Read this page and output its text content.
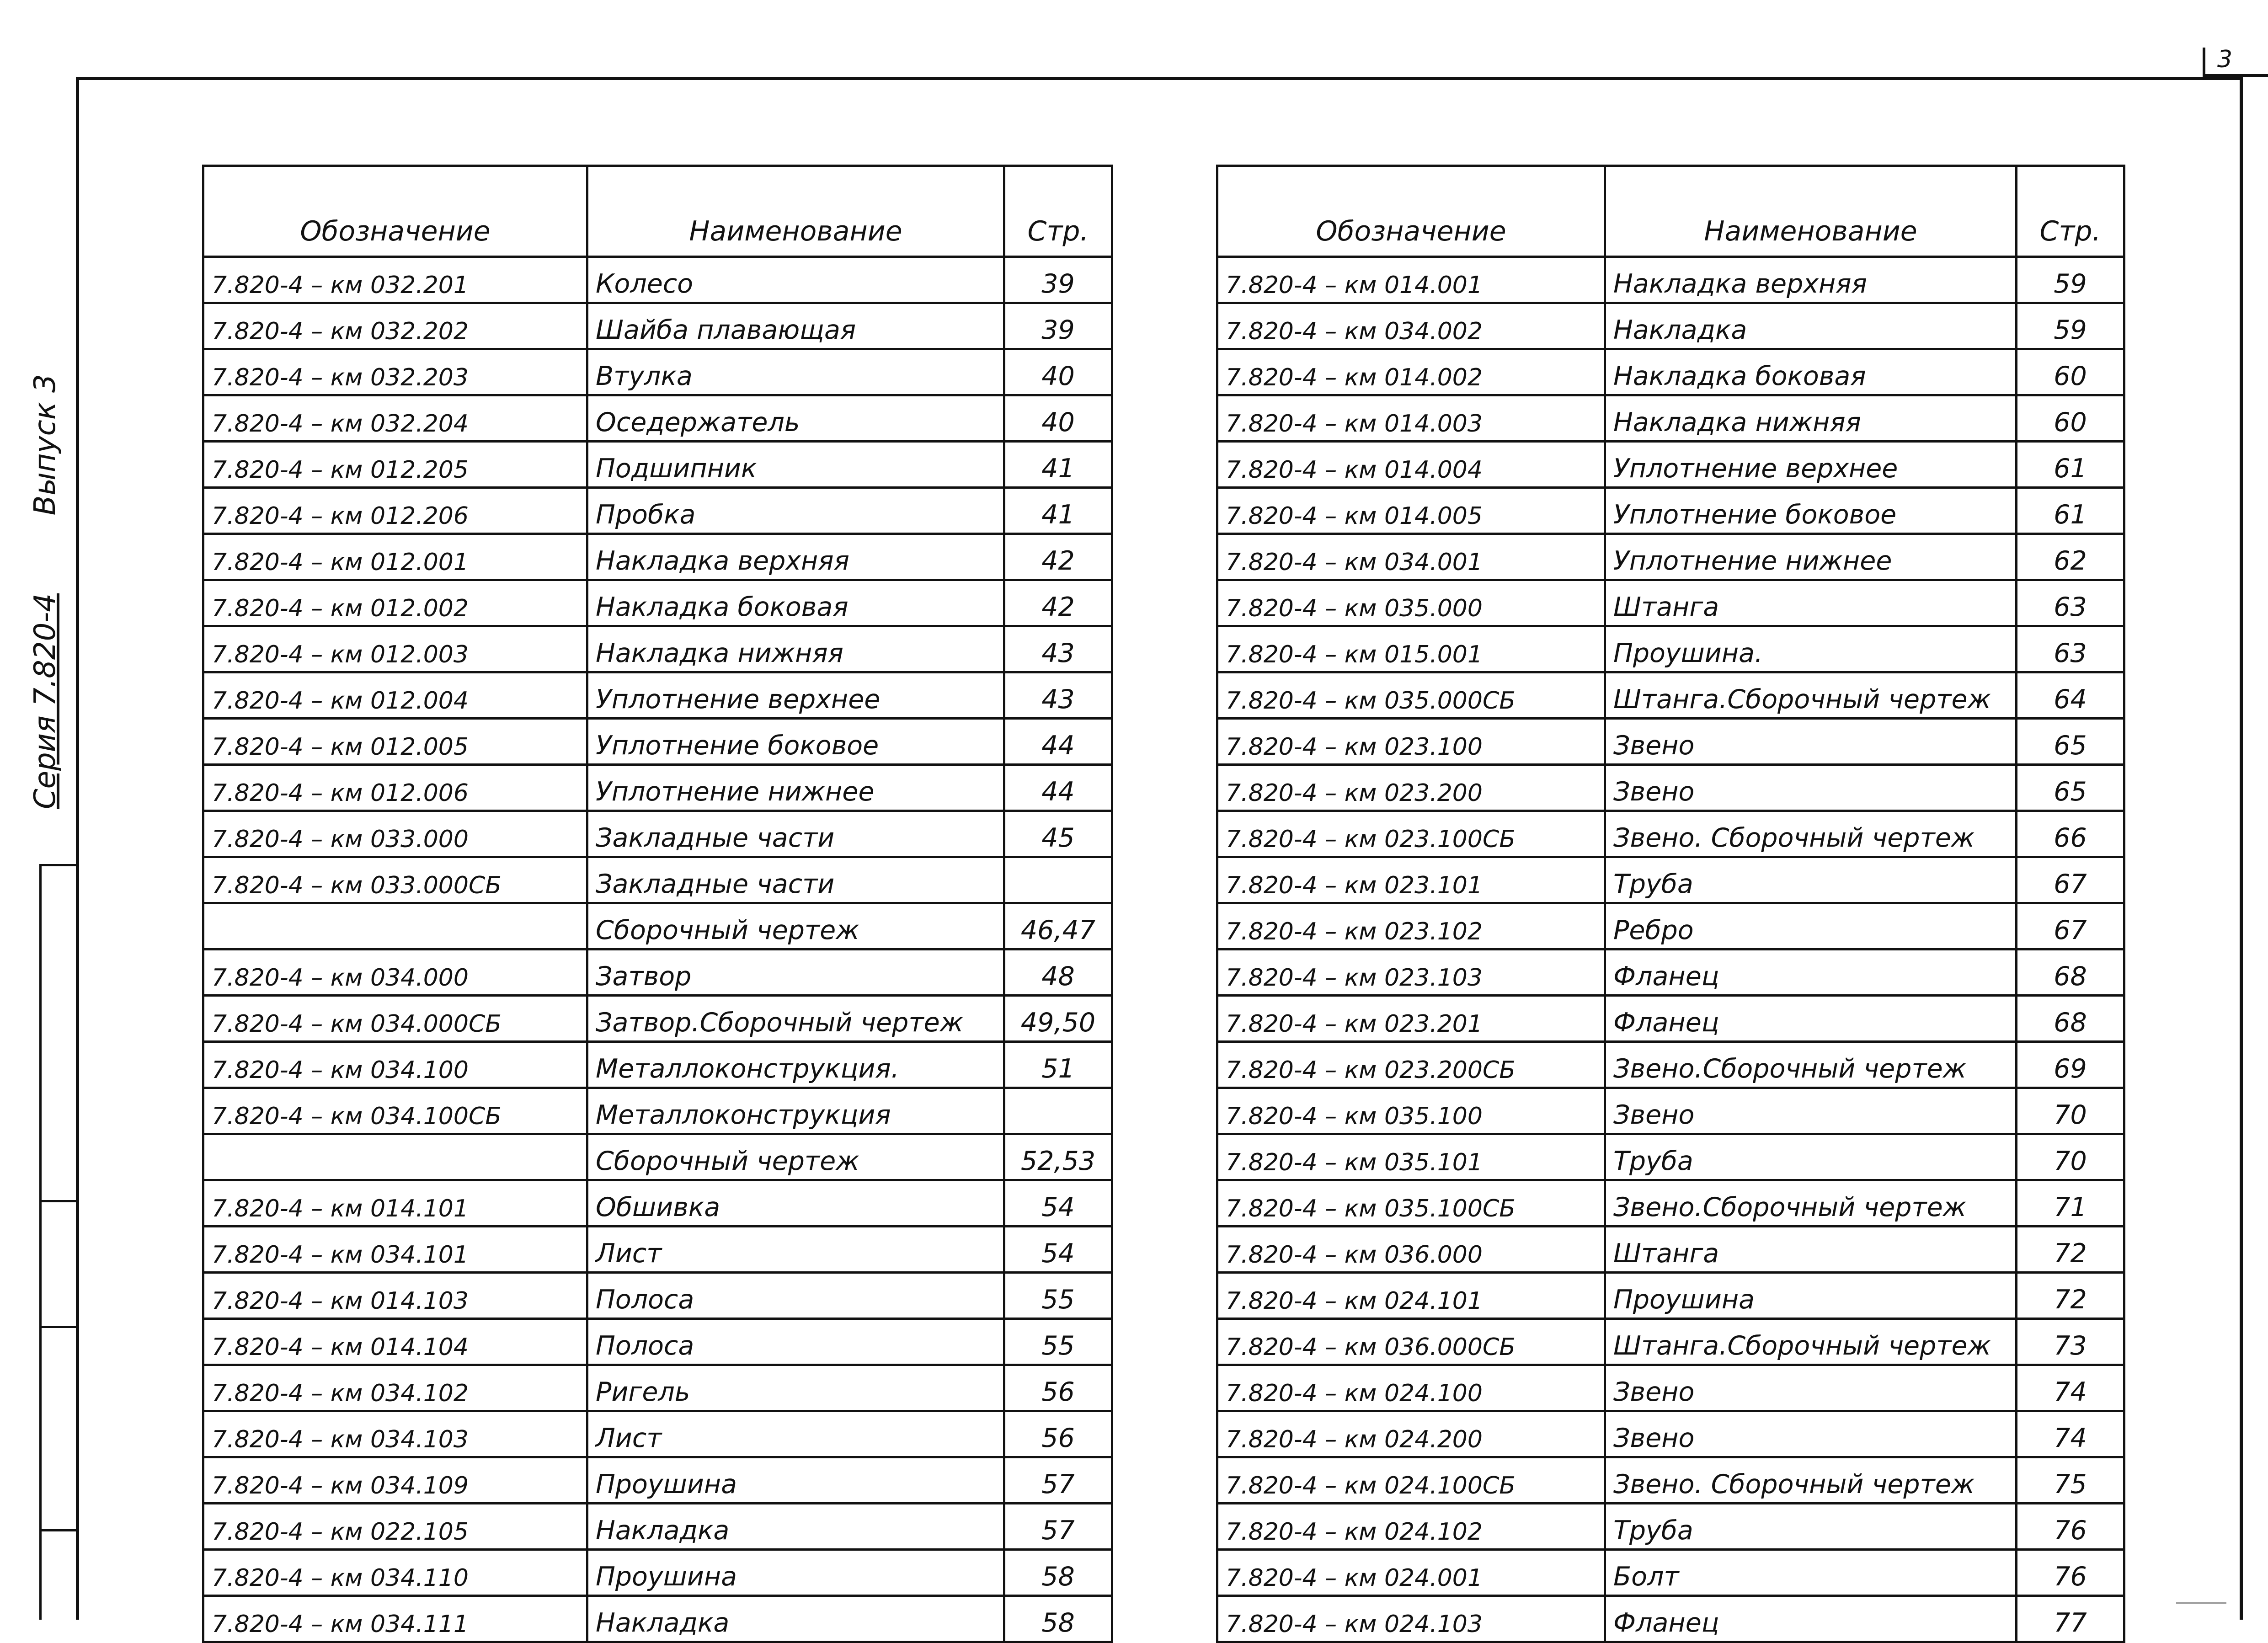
3
Серия 7.820-4 Выпуск 3
Обозначение	Наименование	Стр.
7.820-4 – км 032.201	Колесо	39
7.820-4 – км 032.202	Шайба плавающая	39
7.820-4 – км 032.203	Втулка	40
7.820-4 – км 032.204	Оседержатель	40
7.820-4 – км 012.205	Подшипник	41
7.820-4 – км 012.206	Пробка	41
7.820-4 – км 012.001	Накладка верхняя	42
7.820-4 – км 012.002	Накладка боковая	42
7.820-4 – км 012.003	Накладка нижняя	43
7.820-4 – км 012.004	Уплотнение верхнее	43
7.820-4 – км 012.005	Уплотнение боковое	44
7.820-4 – км 012.006	Уплотнение нижнее	44
7.820-4 – км 033.000	Закладные части	45
7.820-4 – км 033.000СБ	Закладные части	
	Сборочный чертеж	46,47
7.820-4 – км 034.000	Затвор	48
7.820-4 – км 034.000СБ	Затвор.Сборочный чертеж	49,50
7.820-4 – км 034.100	Металлоконструкция.	51
7.820-4 – км 034.100СБ	Металлоконструкция	
	Сборочный чертеж	52,53
7.820-4 – км 014.101	Обшивка	54
7.820-4 – км 034.101	Лист	54
7.820-4 – км 014.103	Полоса	55
7.820-4 – км 014.104	Полоса	55
7.820-4 – км 034.102	Ригель	56
7.820-4 – км 034.103	Лист	56
7.820-4 – км 034.109	Проушина	57
7.820-4 – км 022.105	Накладка	57
7.820-4 – км 034.110	Проушина	58
7.820-4 – км 034.111	Накладка	58
Обозначение	Наименование	Стр.
7.820-4 – км 014.001	Накладка верхняя	59
7.820-4 – км 034.002	Накладка	59
7.820-4 – км 014.002	Накладка боковая	60
7.820-4 – км 014.003	Накладка нижняя	60
7.820-4 – км 014.004	Уплотнение верхнее	61
7.820-4 – км 014.005	Уплотнение боковое	61
7.820-4 – км 034.001	Уплотнение нижнее	62
7.820-4 – км 035.000	Штанга	63
7.820-4 – км 015.001	Проушина.	63
7.820-4 – км 035.000СБ	Штанга.Сборочный чертеж	64
7.820-4 – км 023.100	Звено	65
7.820-4 – км 023.200	Звено	65
7.820-4 – км 023.100СБ	Звено. Сборочный чертеж	66
7.820-4 – км 023.101	Труба	67
7.820-4 – км 023.102	Ребро	67
7.820-4 – км 023.103	Фланец	68
7.820-4 – км 023.201	Фланец	68
7.820-4 – км 023.200СБ	Звено.Сборочный чертеж	69
7.820-4 – км 035.100	Звено	70
7.820-4 – км 035.101	Труба	70
7.820-4 – км 035.100СБ	Звено.Сборочный чертеж	71
7.820-4 – км 036.000	Штанга	72
7.820-4 – км 024.101	Проушина	72
7.820-4 – км 036.000СБ	Штанга.Сборочный чертеж	73
7.820-4 – км 024.100	Звено	74
7.820-4 – км 024.200	Звено	74
7.820-4 – км 024.100СБ	Звено. Сборочный чертеж	75
7.820-4 – км 024.102	Труба	76
7.820-4 – км 024.001	Болт	76
7.820-4 – км 024.103	Фланец	77
